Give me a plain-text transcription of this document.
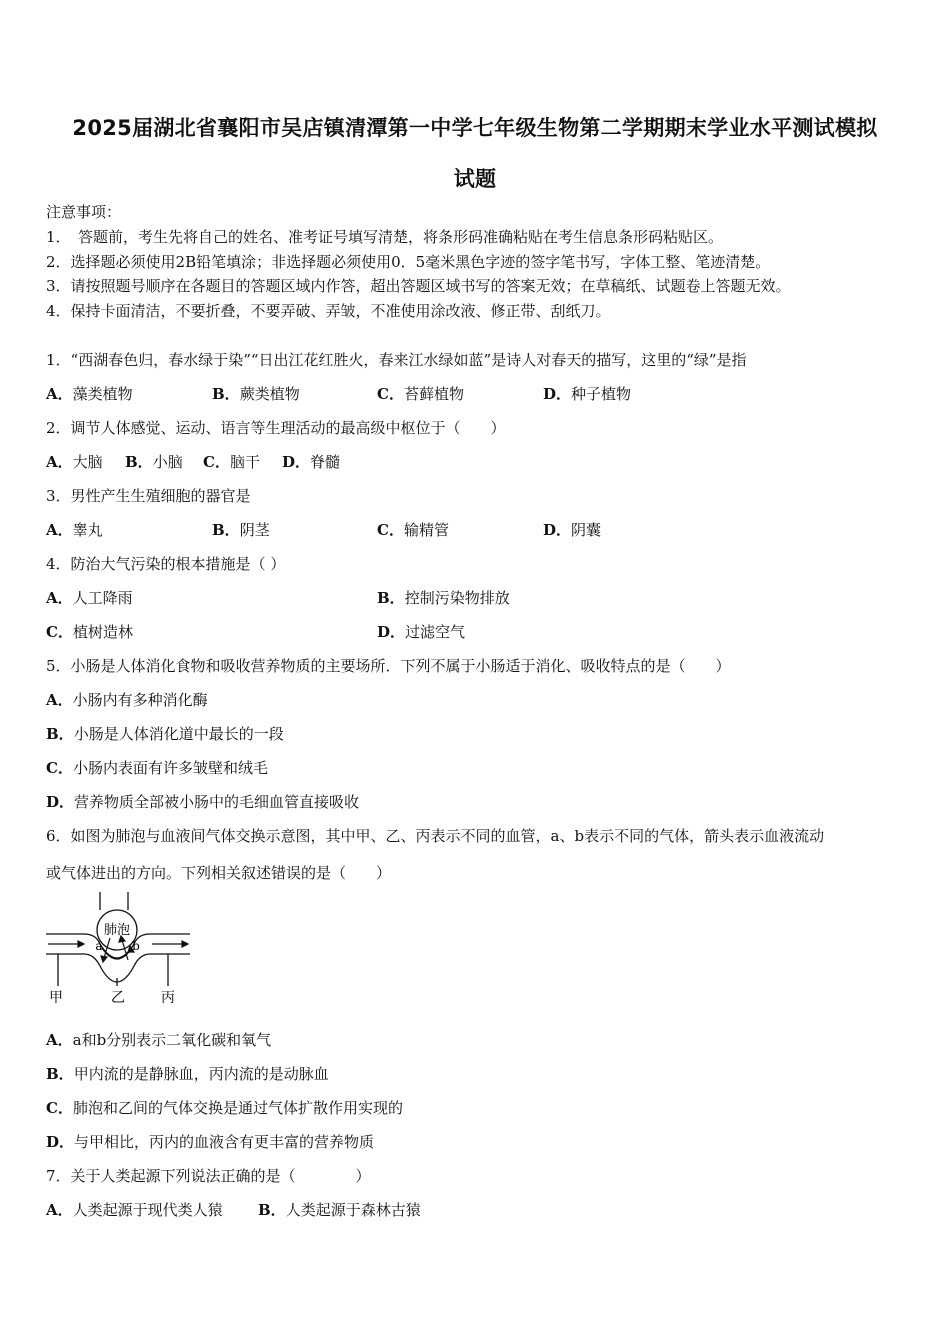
2025届湖北省襄阳市吴店镇清潭第一中学七年级生物第二学期期末学业水平测试模拟
试题
注意事项：
1．　答题前，考生先将自己的姓名、准考证号填写清楚，将条形码准确粘贴在考生信息条形码粘贴区。
2．选择题必须使用2B铅笔填涂；非选择题必须使用0．5毫米黑色字迹的签字笔书写，字体工整、笔迹清楚。
3．请按照题号顺序在各题目的答题区域内作答，超出答题区域书写的答案无效；在草稿纸、试题卷上答题无效。
4．保持卡面清洁，不要折叠，不要弄破、弄皱，不准使用涂改液、修正带、刮纸刀。
1．“西湖春色归，春水绿于染”“日出江花红胜火，春来江水绿如蓝”是诗人对春天的描写，这里的“绿”是指
A．藻类植物	B．蕨类植物	C．苔藓植物	D．种子植物
2．调节人体感觉、运动、语言等生理活动的最高级中枢位于（　　）
A．大脑 B．小脑 C．脑干 D．脊髓
3．男性产生生殖细胞的器官是
A．睾丸	B．阴茎	C．输精管	D．阴囊
4．防治大气污染的根本措施是（ ）
A．人工降雨	B．控制污染物排放
C．植树造林	D．过滤空气
5．小肠是人体消化食物和吸收营养物质的主要场所．下列不属于小肠适于消化、吸收特点的是（　　）
A．小肠内有多种消化酶
B．小肠是人体消化道中最长的一段
C．小肠内表面有许多皱壁和绒毛
D．营养物质全部被小肠中的毛细血管直接吸收
6．如图为肺泡与血液间气体交换示意图，其中甲、乙、丙表示不同的血管，a、b表示不同的气体，箭头表示血液流动
或气体进出的方向。下列相关叙述错误的是（　　）
肺泡
a b
甲	乙	丙
A．a和b分别表示二氧化碳和氧气
B．甲内流的是静脉血，丙内流的是动脉血
C．肺泡和乙间的气体交换是通过气体扩散作用实现的
D．与甲相比，丙内的血液含有更丰富的营养物质
7．关于人类起源下列说法正确的是（　　　　）
A．人类起源于现代类人猿 B．人类起源于森林古猿
